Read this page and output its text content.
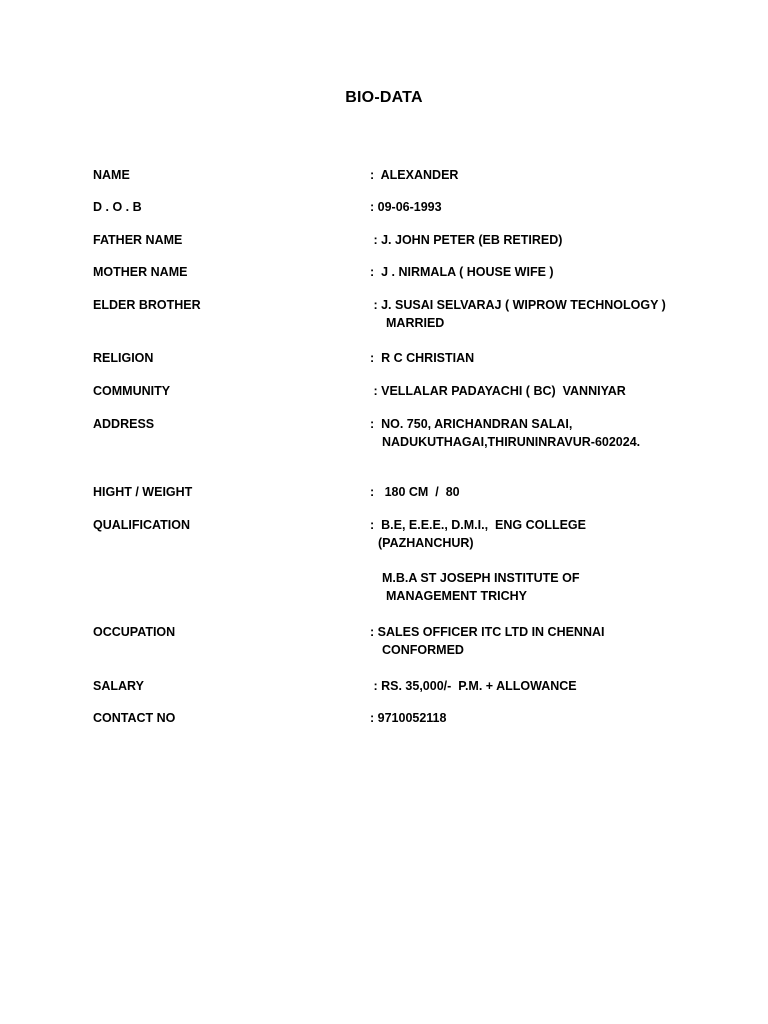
BIO-DATA
NAME	:  ALEXANDER
D . O . B	: 09-06-1993
FATHER NAME	: J. JOHN PETER (EB RETIRED)
MOTHER NAME	:  J . NIRMALA ( HOUSE WIFE )
ELDER BROTHER	: J. SUSAI SELVARAJ ( WIPROW TECHNOLOGY )
MARRIED
RELIGION	:  R C CHRISTIAN
COMMUNITY	: VELLALAR PADAYACHI ( BC)  VANNIYAR
ADDRESS	:  NO. 750, ARICHANDRAN SALAI,
NADUKUTHAGAI,THIRUNINRAVUR-602024.
HIGHT / WEIGHT	:   180 CM  /  80
QUALIFICATION	:  B.E, E.E.E., D.M.I.,  ENG COLLEGE
(PAZHANCHUR)
M.B.A ST JOSEPH INSTITUTE OF
MANAGEMENT TRICHY
OCCUPATION	: SALES OFFICER ITC LTD IN CHENNAI
CONFORMED
SALARY	: RS. 35,000/-  P.M. + ALLOWANCE
CONTACT NO	: 9710052118
